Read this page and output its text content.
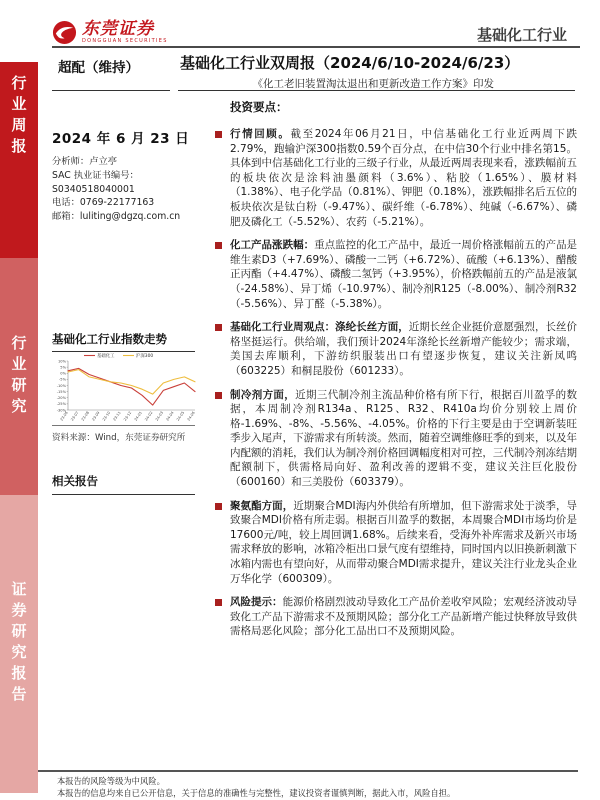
行业周报
行业研究
证券研究报告
东莞证券
DONGGUAN SECURITIES	基础化工行业
超配（维持）	基础化工行业双周报（2024/6/10-2024/6/23）
《化工老旧装置淘汰退出和更新改造工作方案》印发
2024 年 6 月 23 日
分析师：卢立亭
SAC 执业证书编号：
S0340518040001
电话：0769-22177163
邮箱：luliting@dgzq.com.cn
基础化工行业指数走势
10%
5%
0%
-5%
-10%
-15%
-20%
-25%
-30%
23-06 23-07 23-08 23-09 23-10 23-11 23-12 24-01 24-02 24-03 24-04 24-05 24-06
基础化工	沪深300
资料来源：Wind，东莞证券研究所
相关报告
投资要点：
行情回顾。截至2024年06月21日，中信基础化工行业近两周下跌2.79%，跑输沪深300指数0.59个百分点，在中信30个行业中排名第15。具体到中信基础化工行业的三级子行业，从最近两周表现来看，涨跌幅前五的板块依次是涂料油墨颜料（3.6%）、粘胶（1.65%）、膜材料（1.38%）、电子化学品（0.81%）、钾肥（0.18%），涨跌幅排名后五位的板块依次是钛白粉（-9.47%）、碳纤维（-6.78%）、纯碱（-6.67%）、磷肥及磷化工（-5.52%）、农药（-5.21%）。
化工产品涨跌幅：重点监控的化工产品中，最近一周价格涨幅前五的产品是维生素D3（+7.69%）、磷酸一二钙（+6.72%）、硫酸（+6.13%）、醋酸正丙酯（+4.47%）、磷酸二氢钙（+3.95%），价格跌幅前五的产品是液氯（-24.58%）、异丁烯（-10.97%）、制冷剂R125（-8.00%）、制冷剂R32（-5.56%）、异丁醛（-5.38%）。
基础化工行业周观点：涤纶长丝方面，近期长丝企业挺价意愿强烈，长丝价格坚挺运行。供给端，我们预计2024年涤纶长丝新增产能较少；需求端，美国去库顺利，下游纺织服装出口有望逐步恢复，建议关注新凤鸣（603225）和桐昆股份（601233）。
制冷剂方面，近期三代制冷剂主流品种价格有所下行，根据百川盈孚的数据，本周制冷剂R134a、R125、R32、R410a均价分别较上周价格-1.69%、-8%、-5.56%、-4.05%。价格的下行主要是由于空调新装旺季步入尾声，下游需求有所转淡。然而，随着空调维修旺季的到来，以及年内配额的消耗，我们认为制冷剂价格回调幅度相对可控，三代制冷剂冻结期配额制下，供需格局向好、盈利改善的逻辑不变，建议关注巨化股份（600160）和三美股份（603379）。
聚氨酯方面，近期聚合MDI海内外供给有所增加，但下游需求处于淡季，导致聚合MDI价格有所走弱。根据百川盈孚的数据，本周聚合MDI市场均价是17600元/吨，较上周回调1.68%。后续来看，受海外补库需求及新兴市场需求释放的影响，冰箱冷柜出口景气度有望维持，同时国内以旧换新刺激下冰箱内需也有望向好，从而带动聚合MDI需求提升，建议关注行业龙头企业万华化学（600309）。
风险提示：能源价格剧烈波动导致化工产品价差收窄风险；宏观经济波动导致化工产品下游需求不及预期风险；部分化工产品新增产能过快释放导致供需格局恶化风险；部分化工品出口不及预期风险。
本报告的风险等级为中风险。
本报告的信息均来自已公开信息，关于信息的准确性与完整性，建议投资者谨慎判断，据此入市，风险自担。
